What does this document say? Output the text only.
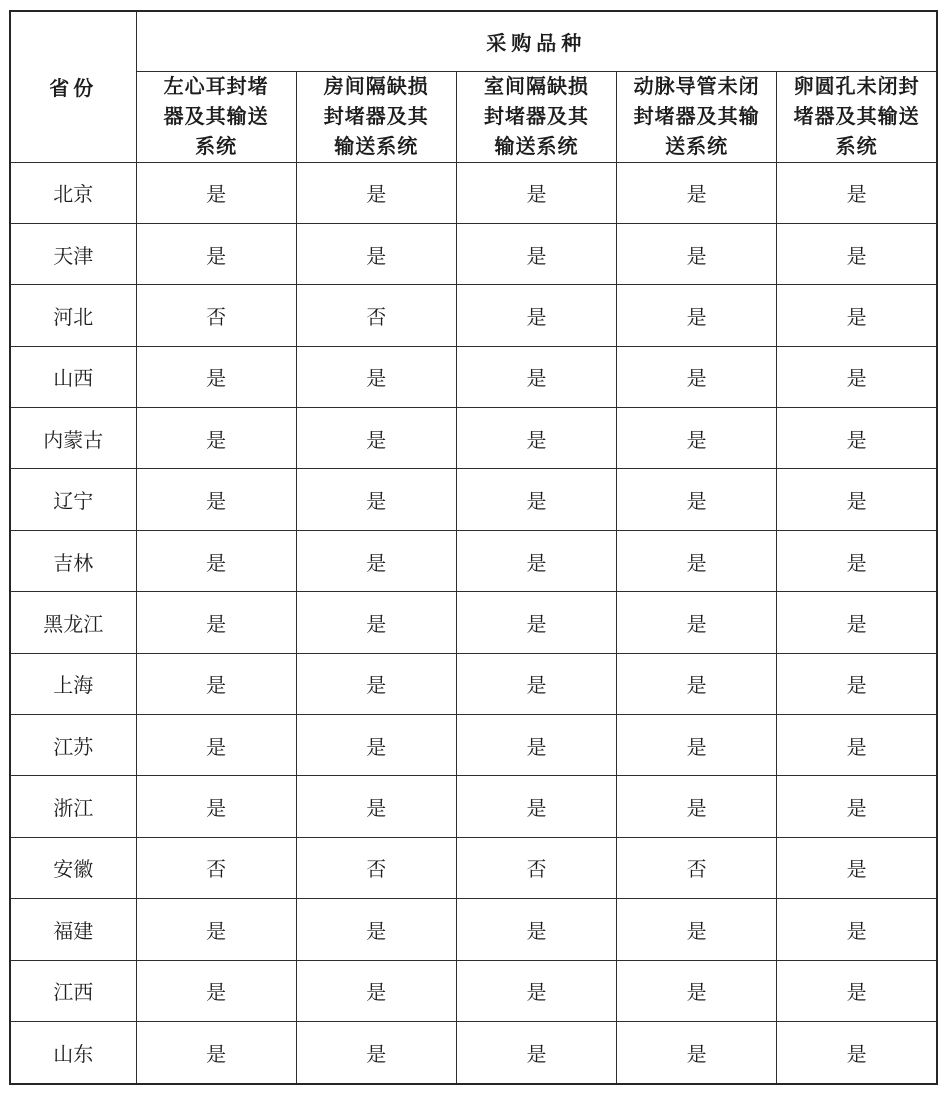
省份	采购品种				
	左心耳封堵器及其输送系统	房间隔缺损封堵器及其输送系统	室间隔缺损封堵器及其输送系统	动脉导管未闭封堵器及其输送系统	卵圆孔未闭封堵器及其输送系统
北京	是	是	是	是	是
天津	是	是	是	是	是
河北	否	否	是	是	是
山西	是	是	是	是	是
内蒙古	是	是	是	是	是
辽宁	是	是	是	是	是
吉林	是	是	是	是	是
黑龙江	是	是	是	是	是
上海	是	是	是	是	是
江苏	是	是	是	是	是
浙江	是	是	是	是	是
安徽	否	否	否	否	是
福建	是	是	是	是	是
江西	是	是	是	是	是
山东	是	是	是	是	是
